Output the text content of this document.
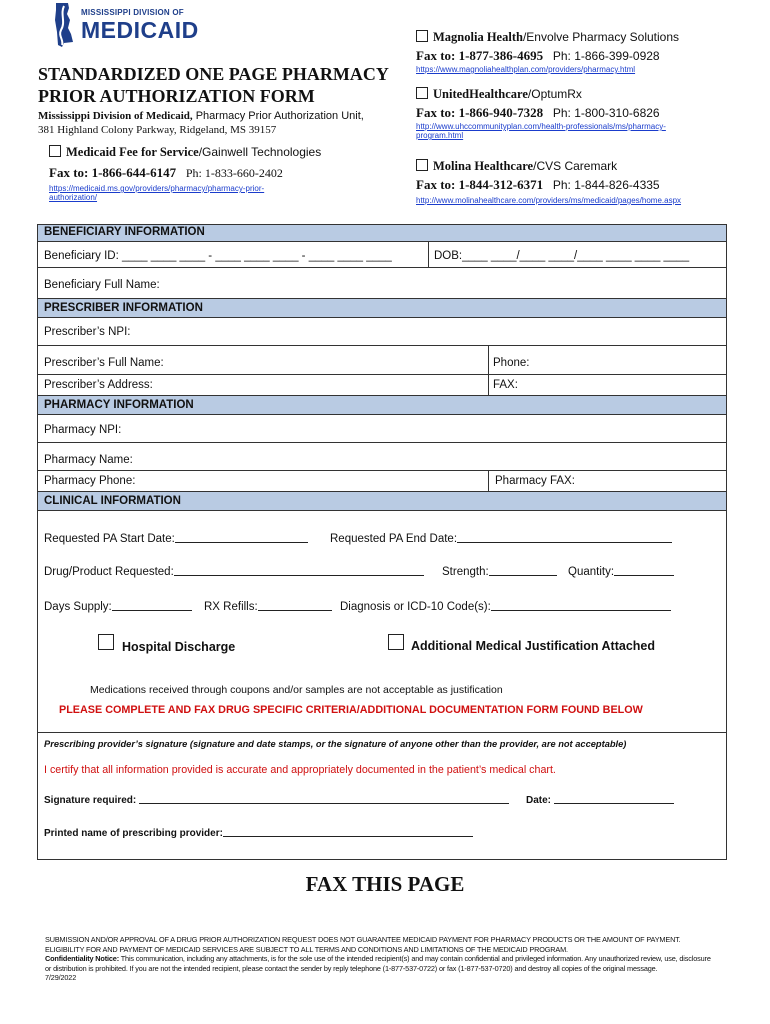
MISSISSIPPI DIVISION OF
MEDICAID
STANDARDIZED ONE PAGE PHARMACY
PRIOR AUTHORIZATION FORM
Mississippi Division of Medicaid, Pharmacy Prior Authorization Unit,
381 Highland Colony Parkway, Ridgeland, MS 39157
Medicaid Fee for Service/Gainwell Technologies
Fax to: 1-866-644-6147 Ph: 1-833-660-2402
https://medicaid.ms.gov/providers/pharmacy/pharmacy-prior-
authorization/
Magnolia Health/Envolve Pharmacy Solutions
Fax to: 1-877-386-4695 Ph: 1-866-399-0928
https://www.magnoliahealthplan.com/providers/pharmacy.html
UnitedHealthcare/OptumRx
Fax to: 1-866-940-7328 Ph: 1-800-310-6826
http://www.uhccommunityplan.com/health-professionals/ms/pharmacy-
program.html
Molina Healthcare/CVS Caremark
Fax to: 1-844-312-6371 Ph: 1-844-826-4335
http://www.molinahealthcare.com/providers/ms/medicaid/pages/home.aspx
BENEFICIARY INFORMATION
Beneficiary ID: ____ ____ ____ - ____ ____ ____ - ____ ____ ____	DOB:____ ____/____ ____/____ ____ ____ ____
Beneficiary Full Name:
PRESCRIBER INFORMATION
Prescriber’s NPI:
Prescriber’s Full Name:	Phone:
Prescriber’s Address:	FAX:
PHARMACY INFORMATION
Pharmacy NPI:
Pharmacy Name:
Pharmacy Phone:	Pharmacy FAX:
CLINICAL INFORMATION
Requested PA Start Date:	Requested PA End Date:
Drug/Product Requested:	Strength:	Quantity:
Days Supply:	RX Refills:	Diagnosis or ICD-10 Code(s):
Hospital Discharge	Additional Medical Justification Attached
Medications received through coupons and/or samples are not acceptable as justification
PLEASE COMPLETE AND FAX DRUG SPECIFIC CRITERIA/ADDITIONAL DOCUMENTATION FORM FOUND BELOW
Prescribing provider’s signature (signature and date stamps, or the signature of anyone other than the provider, are not acceptable)
I certify that all information provided is accurate and appropriately documented in the patient’s medical chart.
Signature required:	Date:
Printed name of prescribing provider:
FAX THIS PAGE
SUBMISSION AND/OR APPROVAL OF A DRUG PRIOR AUTHORIZATION REQUEST DOES NOT GUARANTEE MEDICAID PAYMENT FOR PHARMACY PRODUCTS OR THE AMOUNT OF PAYMENT.
ELIGIBILITY FOR AND PAYMENT OF MEDICAID SERVICES ARE SUBJECT TO ALL TERMS AND CONDITIONS AND LIMITATIONS OF THE MEDICAID PROGRAM.
Confidentiality Notice: This communication, including any attachments, is for the sole use of the intended recipient(s) and may contain confidential and privileged information. Any unauthorized review, use, disclosure or distribution is prohibited. If you are not the intended recipient, please contact the sender by reply telephone (1-877-537-0722) or fax (1-877-537-0720) and destroy all copies of the original message.
7/29/2022
